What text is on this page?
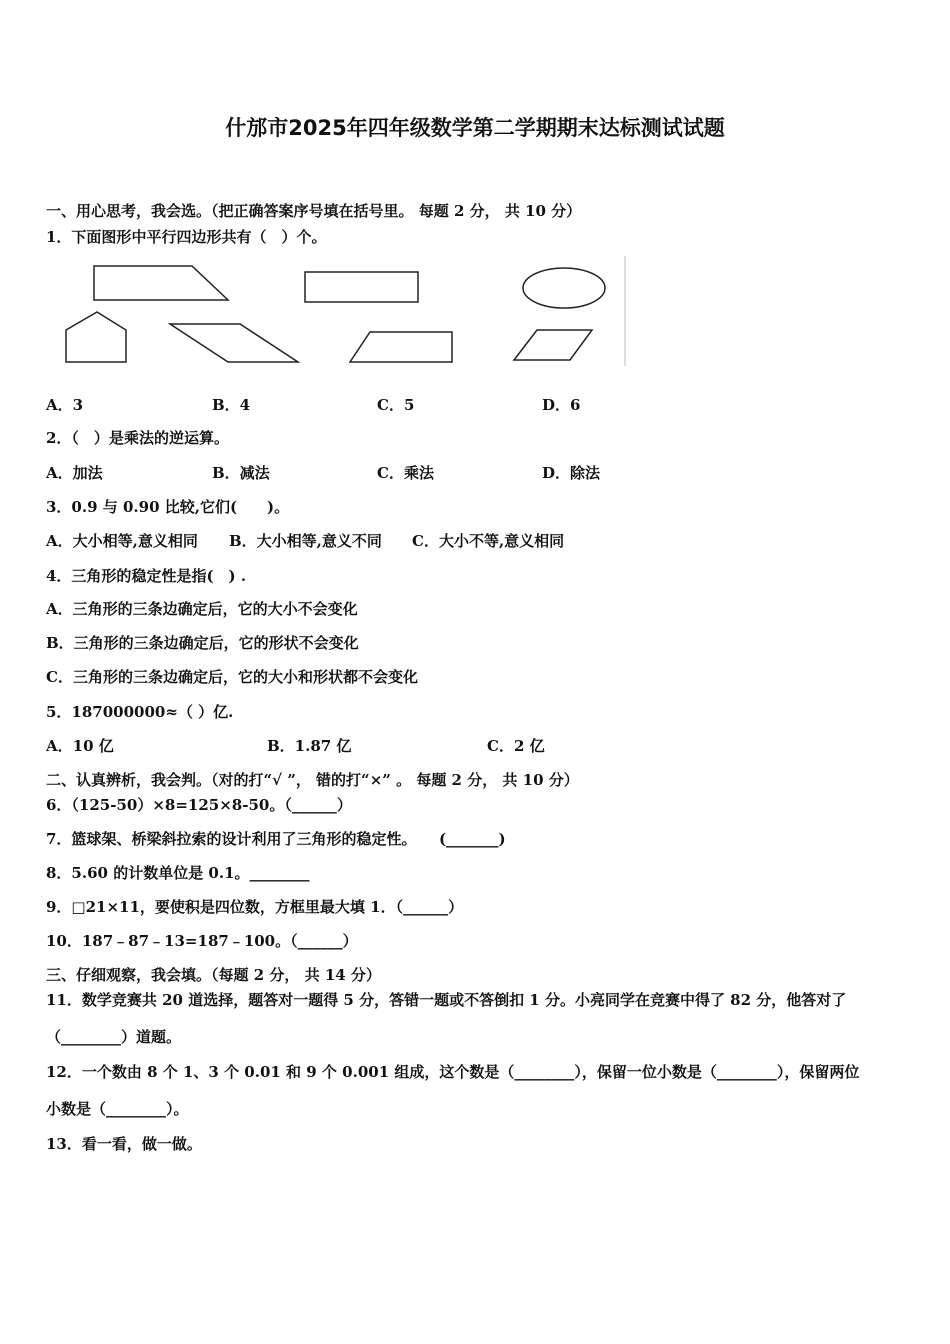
什邡市2025年四年级数学第二学期期末达标测试试题
一、用心思考，我会选。（把正确答案序号填在括号里。 每题 2 分， 共 10 分）
1．下面图形中平行四边形共有（　）个。
A．3	B．4	C．5	D．6
2．（　）是乘法的逆运算。
A．加法	B．减法	C．乘法	D．除法
3．0.9 与 0.90 比较,它们(　　)。
A．大小相等,意义相同 B．大小相等,意义不同 C．大小不等,意义相同
4．三角形的稳定性是指(　) .
A．三角形的三条边确定后，它的大小不会变化
B．三角形的三条边确定后，它的形状不会变化
C．三角形的三条边确定后，它的大小和形状都不会变化
5．187000000≈（ ）亿.
A．10 亿	B．1.87 亿	C．2 亿
二、认真辨析，我会判。（对的打“√ ”， 错的打“×” 。 每题 2 分， 共 10 分）
6．（125-50）×8=125×8-50。（______）
7．篮球架、桥梁斜拉索的设计利用了三角形的稳定性。　　(_______)
8．5.60 的计数单位是 0.1。________
9．□21×11，要使积是四位数，方框里最大填 1．（______）
10．187﹣87﹣13=187﹣100。（______）
三、仔细观察，我会填。（每题 2 分， 共 14 分）
11．数学竞赛共 20 道选择，题答对一题得 5 分，答错一题或不答倒扣 1 分。小亮同学在竞赛中得了 82 分，他答对了
（________）道题。
12．一个数由 8 个 1、3 个 0.01 和 9 个 0.001 组成，这个数是（________），保留一位小数是（________），保留两位
小数是（________）。
13．看一看，做一做。
